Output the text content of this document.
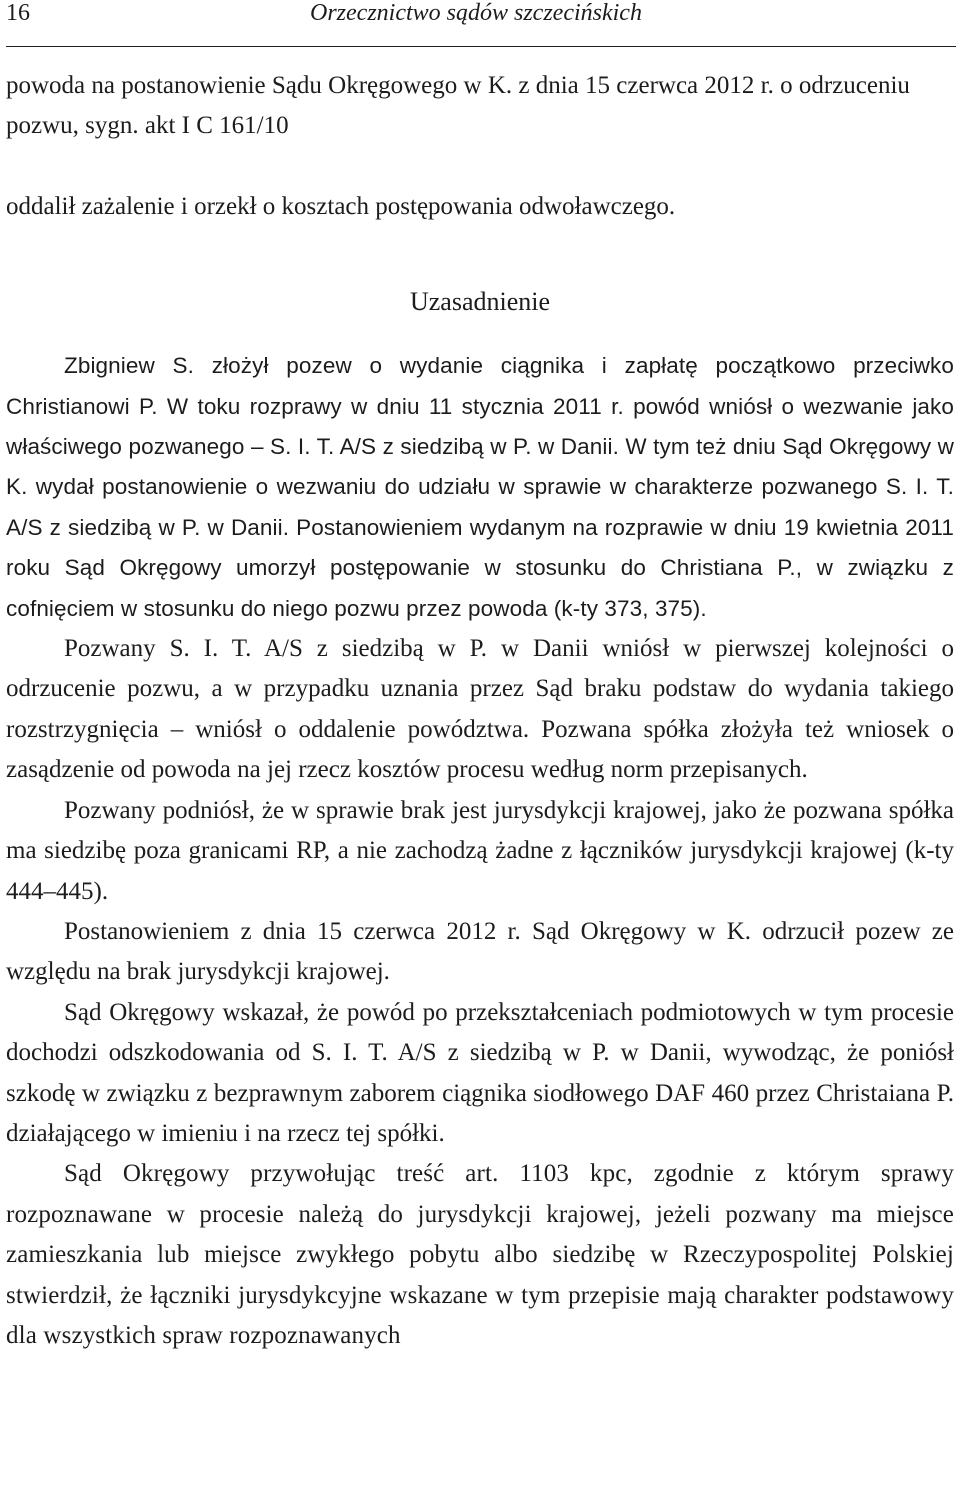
16	Orzecznictwo sądów szczecińskich

powoda na postanowienie Sądu Okręgowego w K. z dnia 15 czerwca 2012 r. o odrzuceniu pozwu, sygn. akt I C 161/10

oddalił zażalenie i orzekł o kosztach postępowania odwoławczego.

Uzasadnienie

Zbigniew S. złożył pozew o wydanie ciągnika i zapłatę początkowo przeciwko Christianowi P. W toku rozprawy w dniu 11 stycznia 2011 r. powód wniósł o wezwanie jako właściwego pozwanego – S. I. T. A/S z siedzibą w P. w Danii. W tym też dniu Sąd Okręgowy w K. wydał postanowienie o wezwaniu do udziału w sprawie w charakterze pozwanego S. I. T. A/S z siedzibą w P. w Danii. Postanowieniem wydanym na rozprawie w dniu 19 kwietnia 2011 roku Sąd Okręgowy umorzył postępowanie w stosunku do Christiana P., w związku z cofnięciem w stosunku do niego pozwu przez powoda (k-ty 373, 375).

Pozwany S. I. T. A/S z siedzibą w P. w Danii wniósł w pierwszej kolejności o odrzucenie pozwu, a w przypadku uznania przez Sąd braku podstaw do wydania takiego rozstrzygnięcia – wniósł o oddalenie powództwa. Pozwana spółka złożyła też wniosek o zasądzenie od powoda na jej rzecz kosztów procesu według norm przepisanych.

Pozwany podniósł, że w sprawie brak jest jurysdykcji krajowej, jako że pozwana spółka ma siedzibę poza granicami RP, a nie zachodzą żadne z łączników jurysdykcji krajowej (k-ty 444–445).

Postanowieniem z dnia 15 czerwca 2012 r. Sąd Okręgowy w K. odrzucił pozew ze względu na brak jurysdykcji krajowej.

Sąd Okręgowy wskazał, że powód po przekształceniach podmiotowych w tym procesie dochodzi odszkodowania od S. I. T. A/S z siedzibą w P. w Danii, wywodząc, że poniósł szkodę w związku z bezprawnym zaborem ciągnika siodłowego DAF 460 przez Christaiana P. działającego w imieniu i na rzecz tej spółki.

Sąd Okręgowy przywołując treść art. 1103 kpc, zgodnie z którym sprawy rozpoznawane w procesie należą do jurysdykcji krajowej, jeżeli pozwany ma miejsce zamieszkania lub miejsce zwykłego pobytu albo siedzibę w Rzeczypospolitej Polskiej stwierdził, że łączniki jurysdykcyjne wskazane w tym przepisie mają charakter podstawowy dla wszystkich spraw rozpoznawanych
